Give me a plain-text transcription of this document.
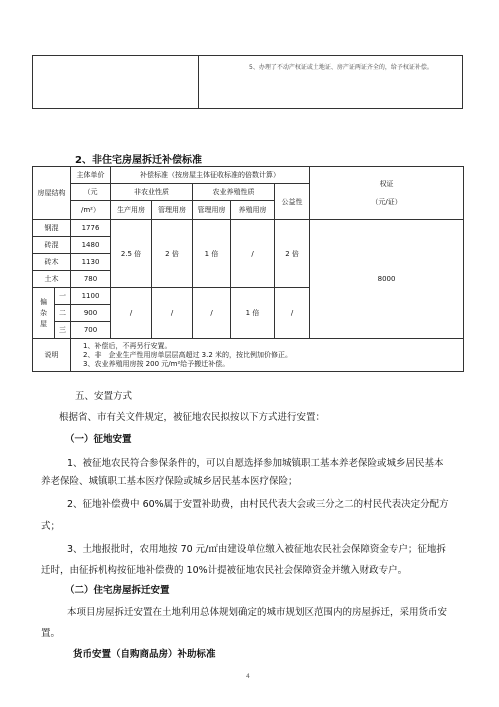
5、办理了不动产权证或土地证、房产证两证齐全的，给予权证补偿。
2、非住宅房屋拆迁补偿标准
房屋结构		主体单价	补偿标准（按房屋主体征收标准的倍数计算）					权证
（元/证）
		（元	非农业性质		农业养殖性质		公益性	
		/m²）	生产用房	管理用房	管理用房	养殖用房		
钢混		1776	2.5 倍	2 倍	1 倍	/	2 倍	8000
砖混		1480						
砖木		1130						
土木		780						
偏杂屋	一	1100	/	/	/	1 倍	/	
	二	900						
	三	700						
说明		1、补偿后，不再另行安置。
2、非　企业生产性用房单层层高超过 3.2 米的，按比例加价修正。
3、农业养殖用房按 200 元/m²给予搬迁补偿。						
五、安置方式
根据省、市有关文件规定，被征地农民拟按以下方式进行安置：
（一）征地安置
1、被征地农民符合参保条件的，可以自愿选择参加城镇职工基本养老保险或城乡居民基本
养老保险、城镇职工基本医疗保险或城乡居民基本医疗保险；
2、征地补偿费中 60%属于安置补助费，由村民代表大会或三分之二的村民代表决定分配方
式；
3、土地报批时，农用地按 70 元/㎡由建设单位缴入被征地农民社会保障资金专户；征地拆
迁时，由征拆机构按征地补偿费的 10%计提被征地农民社会保障资金并缴入财政专户。
（二）住宅房屋拆迁安置
本项目房屋拆迁安置在土地利用总体规划确定的城市规划区范围内的房屋拆迁，采用货币安
置。
货币安置（自购商品房）补助标准
4
